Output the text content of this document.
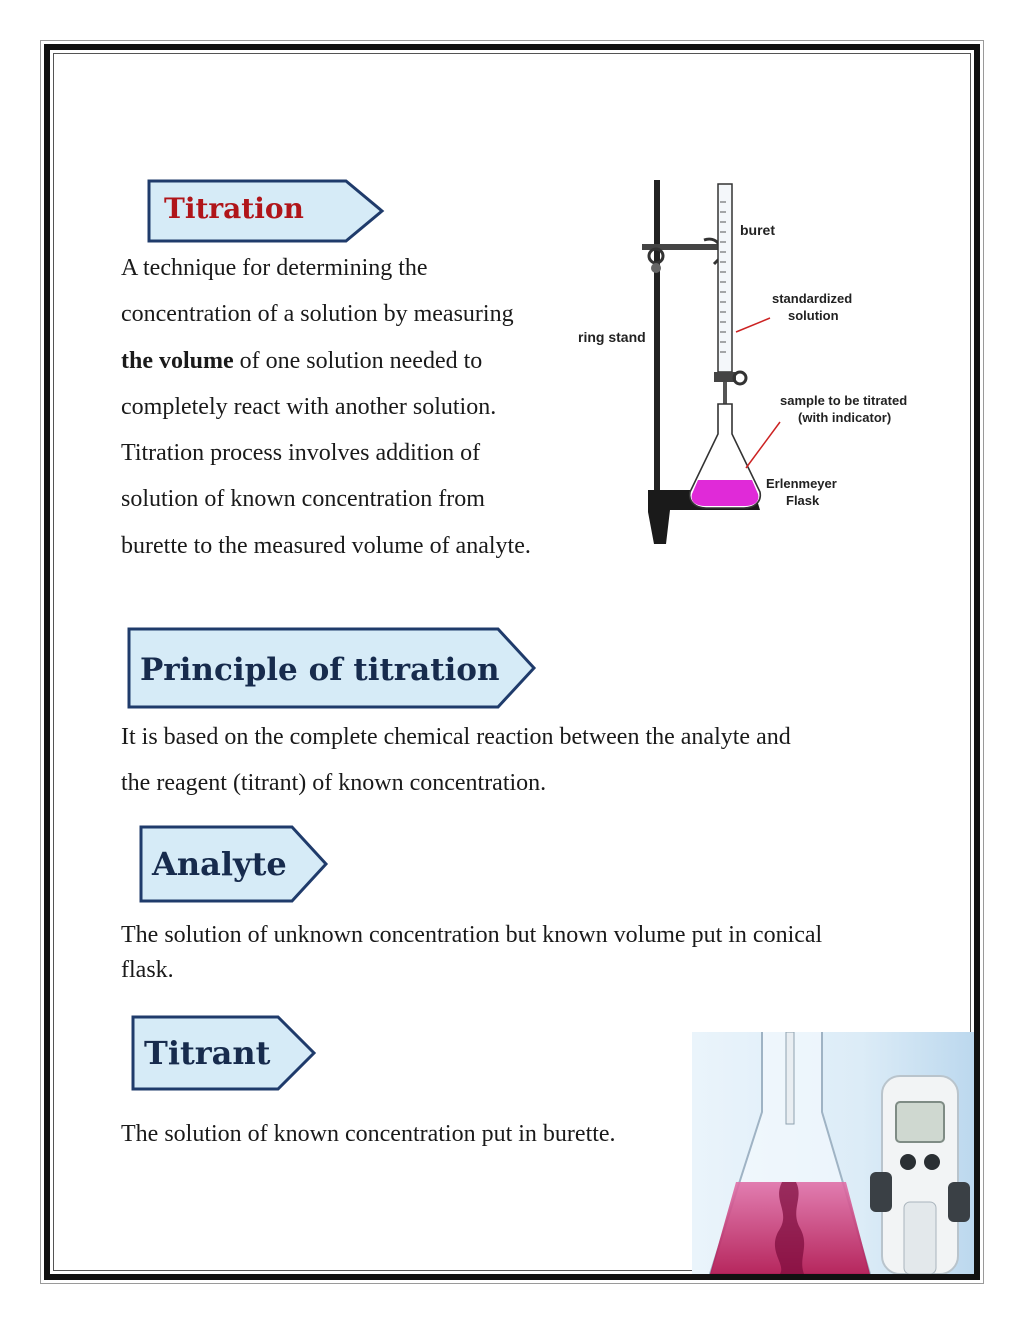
Titration

A technique for determining the
concentration of a solution by measuring
the volume of one solution needed to
completely react with another solution.
Titration process involves addition of
solution of known concentration from
burette to the measured volume of analyte.

buret
standardized
solution
ring stand
sample to be titrated
(with indicator)
Erlenmeyer
Flask
Principle of titration

It is based on the complete chemical reaction between the analyte and
the reagent (titrant) of known concentration.

Analyte

The solution of unknown concentration but known volume put in conical
flask.

Titrant

The solution of known concentration put in burette.
